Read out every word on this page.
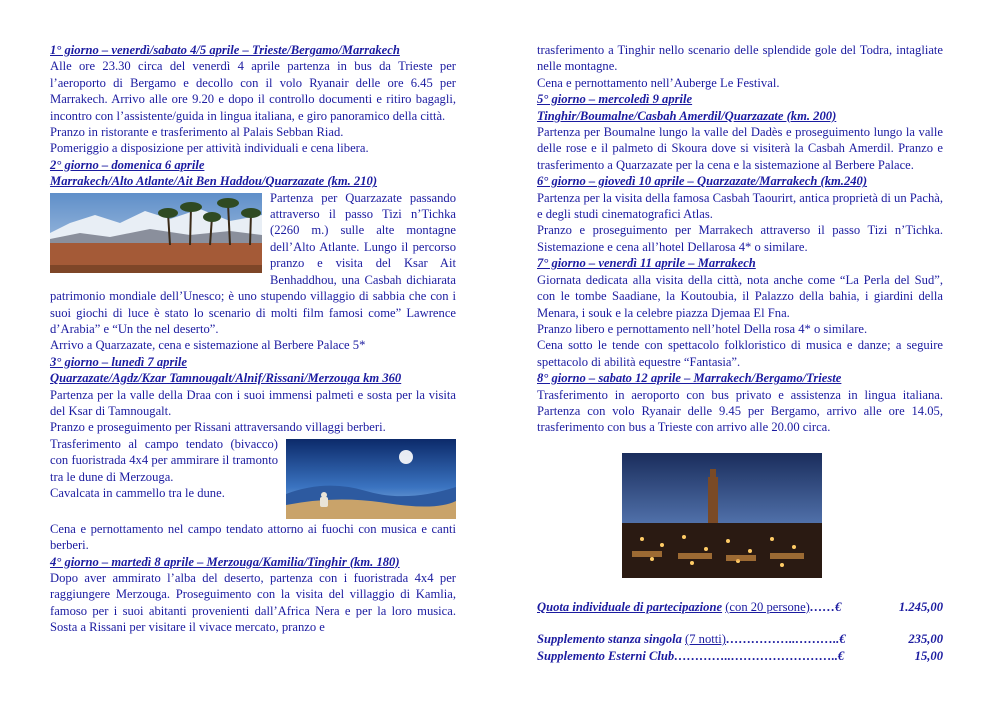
1° giorno – venerdì/sabato 4/5 aprile – Trieste/Bergamo/Marrakech

Alle ore 23.30 circa del venerdì 4 aprile partenza in bus da Trieste per l’aeroporto di Bergamo e decollo con il volo Ryanair delle ore 6.45 per Marrakech. Arrivo alle ore 9.20 e dopo il controllo documenti e ritiro bagagli, incontro con l’assistente/guida in lingua italiana, e giro panoramico della città.

Pranzo in ristorante e trasferimento al Palais Sebban Riad.

Pomeriggio a disposizione per attività individuali e cena libera.

2° giorno – domenica 6 aprile

Marrakech/Alto Atlante/Ait Ben Haddou/Quarzazate (km. 210)

Partenza per Quarzazate passando attraverso il passo Tizi n’Tichka (2260 m.) sulle alte montagne dell’Alto Atlante. Lungo il percorso pranzo e visita del Ksar Ait Benhaddhou, una Casbah dichiarata patrimonio mondiale dell’Unesco; è uno stupendo villaggio di sabbia che con i suoi giochi di luce è stato lo scenario di molti film famosi come” Lawrence d’Arabia” e “Un the nel deserto”.

Arrivo a Quarzazate, cena e sistemazione al Berbere Palace 5*

3° giorno – lunedì 7 aprile

Quarzazate/Agdz/Kzar Tamnougalt/Alnif/Rissani/Merzouga km 360

Partenza per la valle della Draa con i suoi immensi palmeti e sosta per la visita del Ksar di Tamnougalt.

Pranzo e proseguimento per Rissani attraversando villaggi berberi.

Trasferimento al campo tendato (bivacco) con fuoristrada 4x4 per ammirare il tramonto tra le dune di Merzouga.

Cavalcata in cammello tra le dune.

Cena e pernottamento nel campo tendato attorno ai fuochi con musica e canti berberi.

4° giorno – martedì 8 aprile – Merzouga/Kamilia/Tinghir (km. 180)

Dopo aver ammirato l’alba del deserto, partenza con i fuoristrada 4x4 per raggiungere Merzouga. Proseguimento con la visita del villaggio di Kamlia, famoso per i suoi abitanti provenienti dall’Africa Nera e per la loro musica. Sosta a Rissani per visitare il vivace mercato, pranzo e

trasferimento a Tinghir nello scenario delle splendide gole del Todra, intagliate nelle montagne.

Cena e pernottamento nell’Auberge Le Festival.

5° giorno – mercoledì 9 aprile

Tinghir/Boumalne/Casbah Amerdil/Quarzazate (km. 200)

Partenza per Boumalne lungo la valle del Dadès e proseguimento lungo la valle delle rose e il palmeto di Skoura dove si visiterà la Casbah Amerdil. Pranzo e trasferimento a Quarzazate per la cena e la sistemazione al Berbere Palace.

6° giorno – giovedì 10 aprile – Quarzazate/Marrakech (km.240)

Partenza per la visita della famosa Casbah Taourirt, antica proprietà di un Pachà, e degli studi cinematografici Atlas.

Pranzo e proseguimento per Marrakech attraverso il passo Tizi n’Tichka. Sistemazione e cena all’hotel Dellarosa 4* o similare.

7° giorno – venerdì 11 aprile – Marrakech

Giornata dedicata alla visita della città, nota anche come “La Perla del Sud”, con le tombe Saadiane, la Koutoubia, il Palazzo della bahia, i giardini della Menara, i souk e la celebre piazza Djemaa El Fna.

Pranzo libero e pernottamento nell’hotel Della rosa 4* o similare.

Cena sotto le tende con spettacolo folkloristico di musica e danze; a seguire spettacolo di abilità equestre “Fantasia”.

8° giorno – sabato 12 aprile – Marrakech/Bergamo/Trieste

Trasferimento in aeroporto con bus privato e assistenza in lingua italiana. Partenza con volo Ryanair delle 9.45 per Bergamo, arrivo alle ore 14.05, trasferimento con bus a Trieste con arrivo alle 20.00 circa.

Quota individuale di partecipazione (con 20 persone)……€	1.245,00

Supplemento stanza singola (7 notti)……………..………..€	235,00

Supplemento Esterni Club…………..……………………..€	15,00
